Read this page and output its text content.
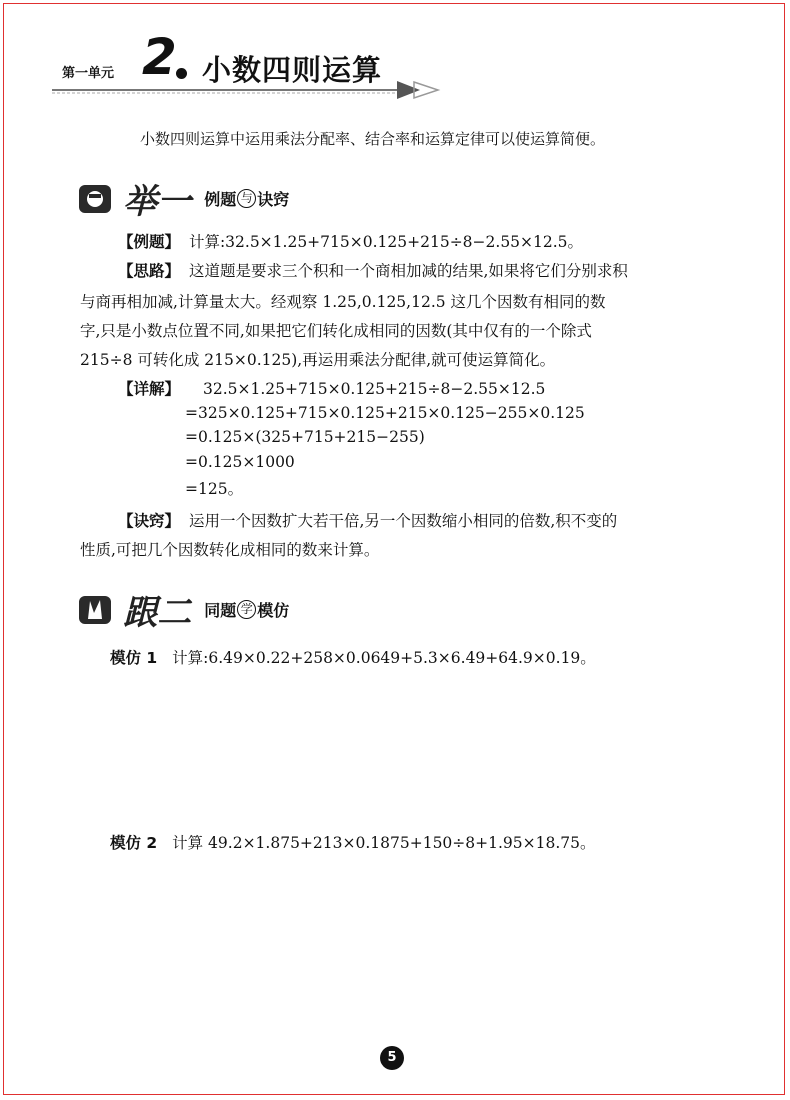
第一单元 2 小数四则运算
小数四则运算中运用乘法分配率、结合率和运算定律可以使运算简便。
举一 例题 与 诀窍
【例题】 计算:32.5×1.25+715×0.125+215÷8−2.55×12.5。
【思路】 这道题是要求三个积和一个商相加减的结果,如果将它们分别求积
与商再相加减,计算量太大。经观察 1.25,0.125,12.5 这几个因数有相同的数
字,只是小数点位置不同,如果把它们转化成相同的因数(其中仅有的一个除式
215÷8 可转化成 215×0.125),再运用乘法分配律,就可使运算简化。
【详解】 32.5×1.25+715×0.125+215÷8−2.55×12.5
=325×0.125+715×0.125+215×0.125−255×0.125
=0.125×(325+715+215−255)
=0.125×1000
=125。
【诀窍】 运用一个因数扩大若干倍,另一个因数缩小相同的倍数,积不变的
性质,可把几个因数转化成相同的数来计算。
跟二 同题 学 模仿
模仿 1 计算:6.49×0.22+258×0.0649+5.3×6.49+64.9×0.19。
模仿 2 计算 49.2×1.875+213×0.1875+150÷8+1.95×18.75。
5
